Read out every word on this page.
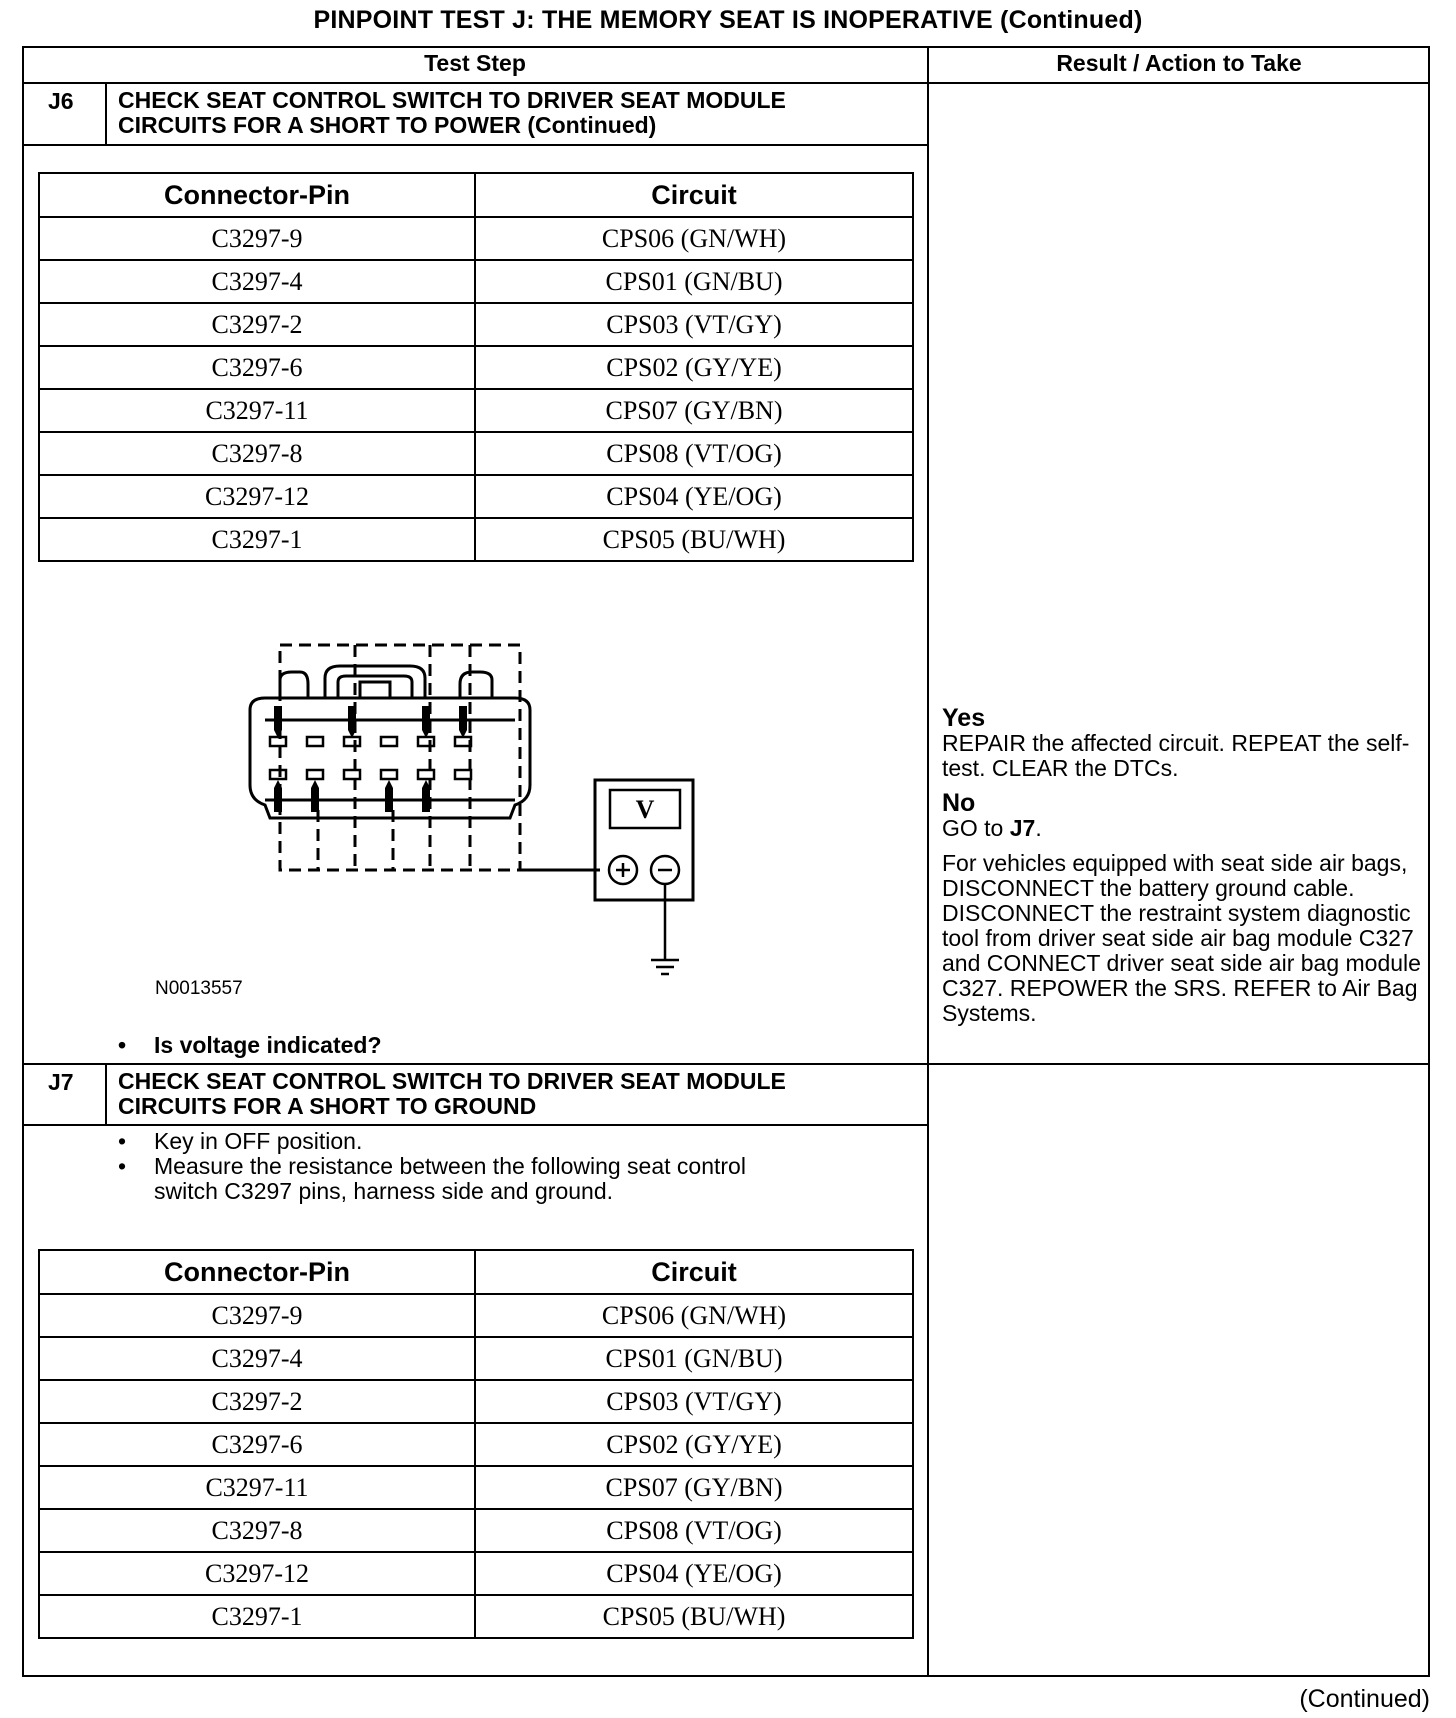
PINPOINT TEST J: THE MEMORY SEAT IS INOPERATIVE (Continued)
Test Step	Result / Action to Take
J6 CHECK SEAT CONTROL SWITCH TO DRIVER SEAT MODULE
CIRCUITS FOR A SHORT TO POWER (Continued)
Connector-Pin	Circuit
C3297-9	CPS06 (GN/WH)
C3297-4	CPS01 (GN/BU)
C3297-2	CPS03 (VT/GY)
C3297-6	CPS02 (GY/YE)
C3297-11	CPS07 (GY/BN)
C3297-8	CPS08 (VT/OG)
C3297-12	CPS04 (YE/OG)
C3297-1	CPS05 (BU/WH)
V
N0013557
• Is voltage indicated?
Yes
REPAIR the affected circuit. REPEAT the self-test. CLEAR the DTCs.
No
GO to J7.
For vehicles equipped with seat side air bags, DISCONNECT the battery ground cable. DISCONNECT the restraint system diagnostic tool from driver seat side air bag module C327 and CONNECT driver seat side air bag module C327. REPOWER the SRS. REFER to Air Bag Systems.
J7 CHECK SEAT CONTROL SWITCH TO DRIVER SEAT MODULE
CIRCUITS FOR A SHORT TO GROUND
• Key in OFF position.
• Measure the resistance between the following seat control
switch C3297 pins, harness side and ground.
Connector-Pin	Circuit
C3297-9	CPS06 (GN/WH)
C3297-4	CPS01 (GN/BU)
C3297-2	CPS03 (VT/GY)
C3297-6	CPS02 (GY/YE)
C3297-11	CPS07 (GY/BN)
C3297-8	CPS08 (VT/OG)
C3297-12	CPS04 (YE/OG)
C3297-1	CPS05 (BU/WH)
(Continued)
